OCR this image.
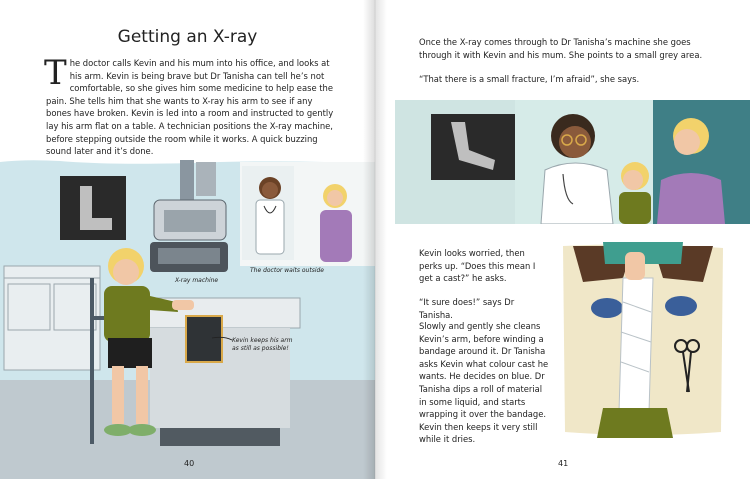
Getting an X-ray
The doctor calls Kevin and his mum into his office, and looks at his arm. Kevin is being brave but Dr Tanisha can tell he’s not comfortable, so she gives him some medicine to help ease the pain. She tells him that she wants to X-ray his arm to see if any bones have broken. Kevin is led into a room and instructed to gently lay his arm flat on a table. A technician positions the X-ray machine, before stepping outside the room while it works. A quick buzzing sound later and it’s done.
X-ray machine
The doctor waits outside
Kevin keeps his arm as still as possible!
40
Once the X-ray comes through to Dr Tanisha’s machine she goes through it with Kevin and his mum. She points to a small grey area.
“That there is a small fracture, I’m afraid”, she says.
Kevin looks worried, then perks up. “Does this mean I get a cast?” he asks.
“It sure does!” says Dr Tanisha.
Slowly and gently she cleans Kevin’s arm, before winding a bandage around it. Dr Tanisha asks Kevin what colour cast he wants. He decides on blue. Dr Tanisha dips a roll of material in some liquid, and starts wrapping it over the bandage. Kevin then keeps it very still while it dries.
41
